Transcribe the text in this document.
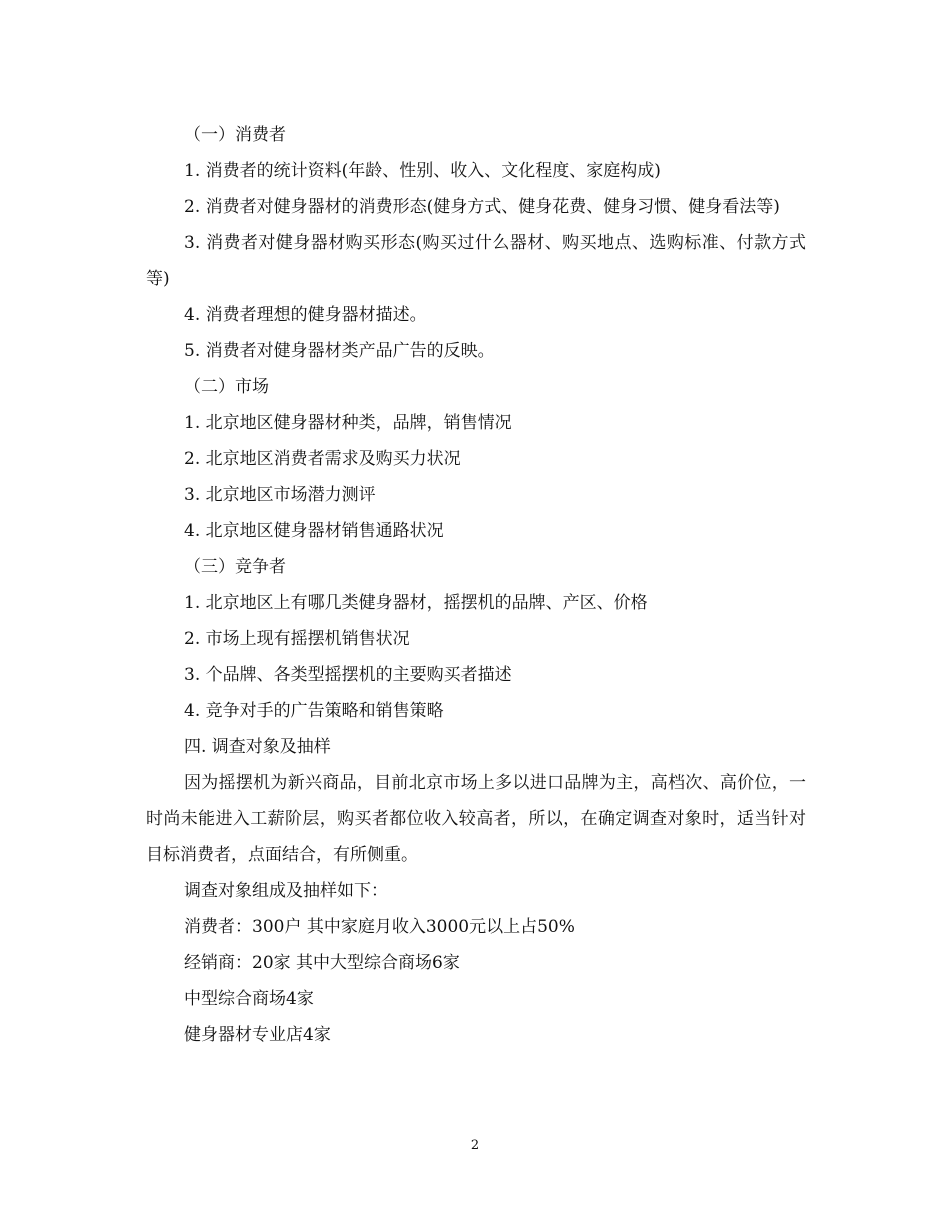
（一）消费者

1. 消费者的统计资料(年龄、性别、收入、文化程度、家庭构成)

2. 消费者对健身器材的消费形态(健身方式、健身花费、健身习惯、健身看法等)

3. 消费者对健身器材购买形态(购买过什么器材、购买地点、选购标准、付款方式等)

4. 消费者理想的健身器材描述。

5. 消费者对健身器材类产品广告的反映。

（二）市场

1. 北京地区健身器材种类，品牌，销售情况

2. 北京地区消费者需求及购买力状况

3. 北京地区市场潜力测评

4. 北京地区健身器材销售通路状况

（三）竞争者

1. 北京地区上有哪几类健身器材，摇摆机的品牌、产区、价格

2. 市场上现有摇摆机销售状况

3. 个品牌、各类型摇摆机的主要购买者描述

4. 竞争对手的广告策略和销售策略

四. 调查对象及抽样

因为摇摆机为新兴商品，目前北京市场上多以进口品牌为主，高档次、高价位，一时尚未能进入工薪阶层，购买者都位收入较高者，所以，在确定调查对象时，适当针对目标消费者，点面结合，有所侧重。

调查对象组成及抽样如下：

消费者：300户 其中家庭月收入3000元以上占50%

经销商：20家 其中大型综合商场6家

中型综合商场4家

健身器材专业店4家

2
